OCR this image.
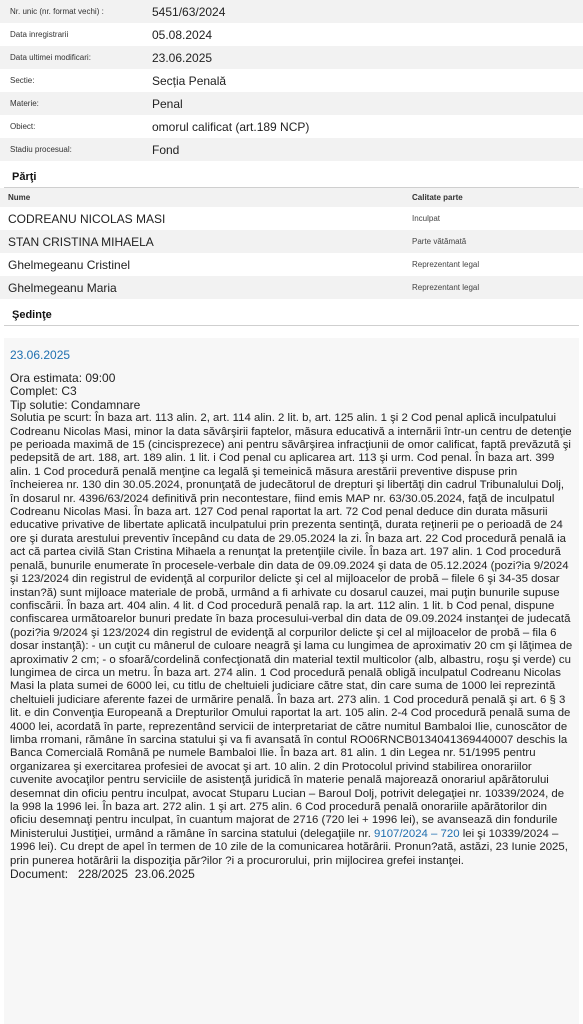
Nr. unic (nr. format vechi) :	5451/63/2024
Data inregistrarii	05.08.2024
Data ultimei modificari:	23.06.2025
Sectie:	Secția Penală
Materie:	Penal
Obiect:	omorul calificat (art.189 NCP)
Stadiu procesual:	Fond
Părţi
Nume	Calitate parte
CODREANU NICOLAS MASI	Inculpat
STAN CRISTINA MIHAELA	Parte vătămată
Ghelmegeanu Cristinel	Reprezentant legal
Ghelmegeanu Maria	Reprezentant legal
Şedinţe
23.06.2025
Ora estimata: 09:00
Complet: C3
Tip solutie: Condamnare
Solutia pe scurt: În baza art. 113 alin. 2, art. 114 alin. 2 lit. b, art. 125 alin. 1 şi 2 Cod penal aplică inculpatului Codreanu Nicolas Masi, minor la data săvârşirii faptelor, măsura educativă a internării într-un centru de detenţie pe perioada maximă de 15 (cincisprezece) ani pentru săvârşirea infracţiunii de omor calificat, faptă prevăzută şi pedepsită de art. 188, art. 189 alin. 1 lit. i Cod penal cu aplicarea art. 113 şi urm. Cod penal. În baza art. 399 alin. 1 Cod procedură penală menţine ca legală şi temeinică măsura arestării preventive dispuse prin încheierea nr. 130 din 30.05.2024, pronunţată de judecătorul de drepturi şi libertăţi din cadrul Tribunalului Dolj, în dosarul nr. 4396/63/2024 definitivă prin necontestare, fiind emis MAP nr. 63/30.05.2024, faţă de inculpatul Codreanu Nicolas Masi. În baza art. 127 Cod penal raportat la art. 72 Cod penal deduce din durata măsurii educative privative de libertate aplicată inculpatului prin prezenta sentinţă, durata reţinerii pe o perioadă de 24 ore şi durata arestului preventiv începând cu data de 29.05.2024 la zi. În baza art. 22 Cod procedură penală ia act că partea civilă Stan Cristina Mihaela a renunţat la pretenţiile civile. În baza art. 197 alin. 1 Cod procedură penală, bunurile enumerate în procesele-verbale din data de 09.09.2024 şi data de 05.12.2024 (pozi?ia 9/2024 şi 123/2024 din registrul de evidenţă al corpurilor delicte şi cel al mijloacelor de probă – filele 6 şi 34-35 dosar instan?ă) sunt mijloace materiale de probă, urmând a fi arhivate cu dosarul cauzei, mai puţin bunurile supuse confiscării. În baza art. 404 alin. 4 lit. d Cod procedură penală rap. la art. 112 alin. 1 lit. b Cod penal, dispune confiscarea următoarelor bunuri predate în baza procesului-verbal din data de 09.09.2024 instanţei de judecată (pozi?ia 9/2024 şi 123/2024 din registrul de evidenţă al corpurilor delicte şi cel al mijloacelor de probă – fila 6 dosar instanţă): - un cuţit cu mânerul de culoare neagră şi lama cu lungimea de aproximativ 20 cm şi lăţimea de aproximativ 2 cm; - o sfoară/cordelină confecţionată din material textil multicolor (alb, albastru, roşu şi verde) cu lungimea de circa un metru. În baza art. 274 alin. 1 Cod procedură penală obligă inculpatul Codreanu Nicolas Masi la plata sumei de 6000 lei, cu titlu de cheltuieli judiciare către stat, din care suma de 1000 lei reprezintă cheltuieli judiciare aferente fazei de urmărire penală. În baza art. 273 alin. 1 Cod procedură penală şi art. 6 § 3 lit. e din Convenţia Europeană a Drepturilor Omului raportat la art. 105 alin. 2-4 Cod procedură penală suma de 4000 lei, acordată în parte, reprezentând servicii de interpretariat de către numitul Bambaloi Ilie, cunoscător de limba rromani, rămâne în sarcina statului şi va fi avansată în contul RO06RNCB0134041369440007 deschis la Banca Comercială Română pe numele Bambaloi Ilie. În baza art. 81 alin. 1 din Legea nr. 51/1995 pentru organizarea şi exercitarea profesiei de avocat şi art. 10 alin. 2 din Protocolul privind stabilirea onorariilor cuvenite avocaţilor pentru serviciile de asistenţă juridică în materie penală majorează onorariul apărătorului desemnat din oficiu pentru inculpat, avocat Stuparu Lucian – Baroul Dolj, potrivit delegaţiei nr. 10339/2024, de la 998 la 1996 lei. În baza art. 272 alin. 1 şi art. 275 alin. 6 Cod procedură penală onorariile apărătorilor din oficiu desemnaţi pentru inculpat, în cuantum majorat de 2716 (720 lei + 1996 lei), se avansează din fondurile Ministerului Justiţiei, urmând a rămâne în sarcina statului (delegaţiile nr. 9107/2024 – 720 lei şi 10339/2024 – 1996 lei). Cu drept de apel în termen de 10 zile de la comunicarea hotărârii. Pronun?ată, astăzi, 23 Iunie 2025, prin punerea hotărârii la dispoziţia păr?ilor ?i a procurorului, prin mijlocirea grefei instanţei.
Document:   228/2025  23.06.2025
